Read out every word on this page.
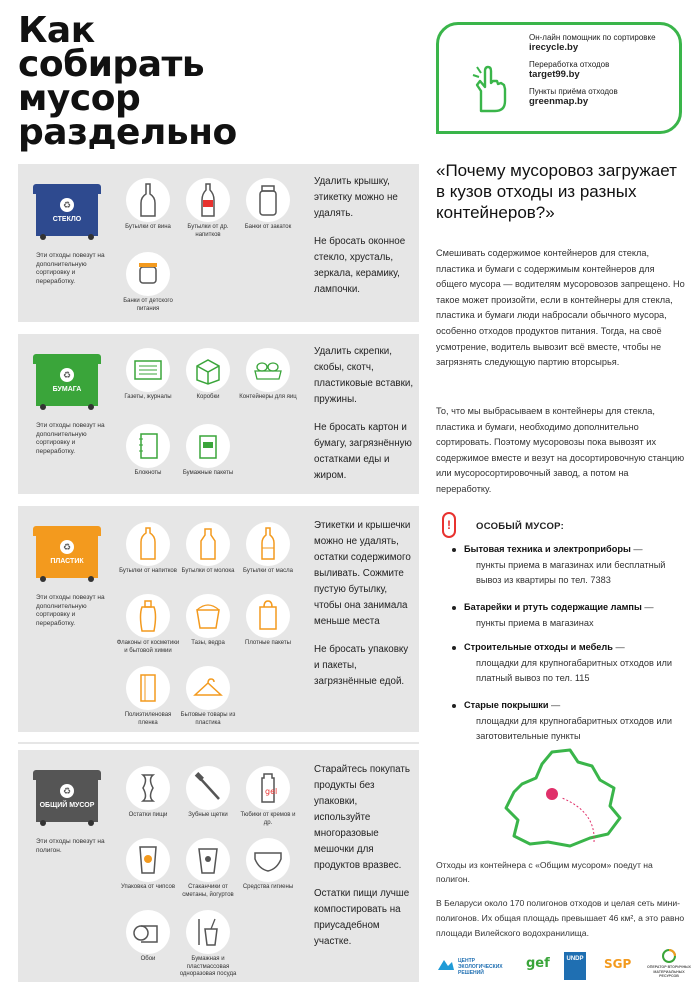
Как
собирать
мусор
раздельно
Он-лайн помощник по сортировке
irecycle.by
Переработка отходов
target99.by
Пункты приёма отходов
greenmap.by
♻
СТЕКЛО
Эти отходы повезут на дополнительную сортировку и переработку.
Бутылки от вина	Бутылки от др. напитков
Банки от закаток
Банки от детского питания

Удалить крышку, этикетку можно не удалять.

Не бросать оконное стекло, хрусталь, зеркала, керамику, лампочки.

♻
БУМАГА
Эти отходы повезут на дополнительную сортировку и переработку.
Газеты, журналы	Коробки	Контейнеры для яиц
Блокноты	Бумажные пакеты

Удалить скрепки, скобы, скотч, пластиковые вставки, пружины.

Не бросать картон и бумагу, загрязнённую остатками еды и жиром.

♻
ПЛАСТИК
Эти отходы повезут на дополнительную сортировку и переработку.
Бутылки от напитков Бутылки от молока	Бутылки от масла
Флаконы от косметики и бытовой химии
Тазы, ведра	Плотные пакеты
Полиэтиленовая пленка
Бытовые товары из пластика

Этикетки и крышечки можно не удалять, остатки содержимого выливать. Сожмите пустую бутылку, чтобы она занимала меньше места

Не бросать упаковку и пакеты, загрязнённые едой.

♻
ОБЩИЙ МУСОР
Эти отходы повезут на полигон.
Остатки пищи	Зубные щетки
gel
Тюбики от кремов и др.
Упаковка от чипсов	Стаканчики от сметаны, йогуртов
Средства гигиены
Обои	Бумажная и пластмассовая одноразовая посуда

Старайтесь покупать продукты без упаковки, используйте многоразовые мешочки для продуктов вразвес.

Остатки пищи лучше компостировать на приусадебном участке.

«Почему мусоровоз загружает в кузов отходы из разных контейнеров?»
Смешивать содержимое контейнеров для стекла, пластика и бумаги с содержимым контейнеров для общего мусора — водителям мусоровозов запрещено. Но такое может произойти, если в контейнеры для стекла, пластика и бумаги люди набросали обычного мусора, особенно отходов продуктов питания. Тогда, на своё усмотрение, водитель вывозит всё вместе, чтобы не загрязнять следующую партию вторсырья.
То, что мы выбрасываем в контейнеры для стекла, пластика и бумаги, необходимо дополнительно сортировать. Поэтому мусоровозы пока вывозят их содержимое вместе и везут на досортировочную станцию или мусоросортировочный завод, а потом на переработку.
!	ОСОБЫЙ МУСОР:
Бытовая техника и электроприборы —
пункты приема в магазинах или бесплатный вывоз из квартиры по тел. 7383
Батарейки и ртуть содержащие лампы —
пункты приема в магазинах
Строительные отходы и мебель —
площадки для крупногабаритных отходов или платный вывоз по тел. 115
Старые покрышки —
площадки для крупногабаритных отходов или заготовительные пункты
Отходы из контейнера с «Общим мусором» поедут на полигон.
В Беларуси около 170 полигонов отходов и целая сеть мини-полигонов. Их общая площадь превышает 46 км², а это равно площади Вилейского водохранилища.
ЦЕНТР ЭКОЛОГИЧЕСКИХ РЕШЕНИЙ
gef	UNDP SGP	ОПЕРАТОР ВТОРИЧНЫХ МАТЕРИАЛЬНЫХ РЕСУРСОВ
